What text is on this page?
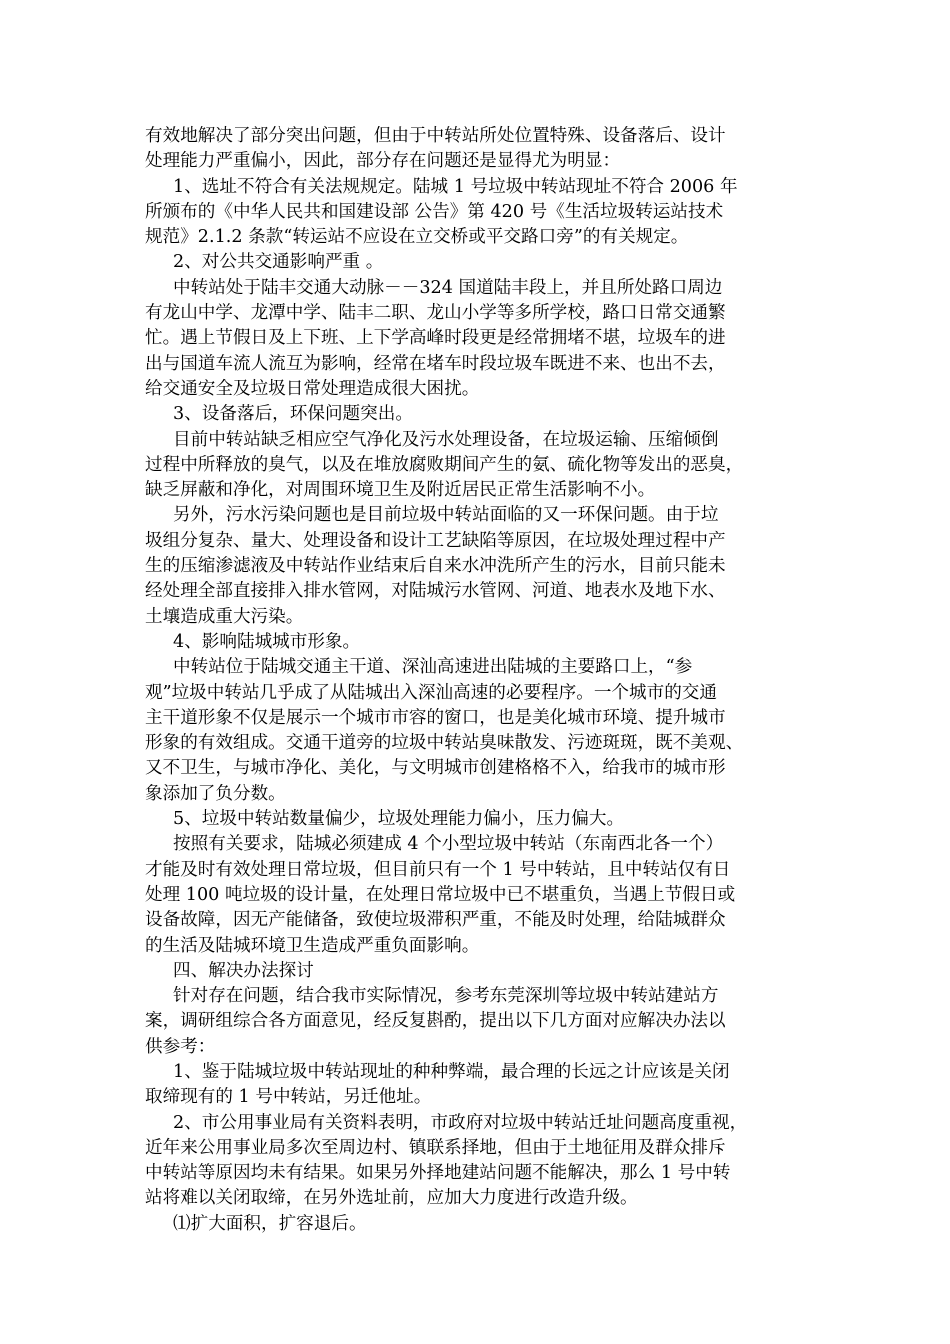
有效地解决了部分突出问题，但由于中转站所处位置特殊、设备落后、设计
处理能力严重偏小，因此，部分存在问题还是显得尤为明显：
1、选址不符合有关法规规定。陆城 1 号垃圾中转站现址不符合 2006 年
所颁布的《中华人民共和国建设部 公告》第 420 号《生活垃圾转运站技术
规范》2.1.2 条款“转运站不应设在立交桥或平交路口旁”的有关规定。
2、对公共交通影响严重 。
中转站处于陆丰交通大动脉－－324 国道陆丰段上，并且所处路口周边
有龙山中学、龙潭中学、陆丰二职、龙山小学等多所学校，路口日常交通繁
忙。遇上节假日及上下班、上下学高峰时段更是经常拥堵不堪，垃圾车的进
出与国道车流人流互为影响，经常在堵车时段垃圾车既进不来、也出不去，
给交通安全及垃圾日常处理造成很大困扰。
3、设备落后，环保问题突出。
目前中转站缺乏相应空气净化及污水处理设备，在垃圾运输、压缩倾倒
过程中所释放的臭气，以及在堆放腐败期间产生的氨、硫化物等发出的恶臭，
缺乏屏蔽和净化，对周围环境卫生及附近居民正常生活影响不小。
另外，污水污染问题也是目前垃圾中转站面临的又一环保问题。由于垃
圾组分复杂、量大、处理设备和设计工艺缺陷等原因，在垃圾处理过程中产
生的压缩渗滤液及中转站作业结束后自来水冲洗所产生的污水，目前只能未
经处理全部直接排入排水管网，对陆城污水管网、河道、地表水及地下水、
土壤造成重大污染。
4、影响陆城城市形象。
中转站位于陆城交通主干道、深汕高速进出陆城的主要路口上，“参
观”垃圾中转站几乎成了从陆城出入深汕高速的必要程序。一个城市的交通
主干道形象不仅是展示一个城市市容的窗口，也是美化城市环境、提升城市
形象的有效组成。交通干道旁的垃圾中转站臭味散发、污迹斑斑，既不美观、
又不卫生，与城市净化、美化，与文明城市创建格格不入，给我市的城市形
象添加了负分数。
5、垃圾中转站数量偏少，垃圾处理能力偏小，压力偏大。
按照有关要求，陆城必须建成 4 个小型垃圾中转站（东南西北各一个）
才能及时有效处理日常垃圾，但目前只有一个 1 号中转站，且中转站仅有日
处理 100 吨垃圾的设计量，在处理日常垃圾中已不堪重负，当遇上节假日或
设备故障，因无产能储备，致使垃圾滞积严重，不能及时处理，给陆城群众
的生活及陆城环境卫生造成严重负面影响。
四、解决办法探讨
针对存在问题，结合我市实际情况，参考东莞深圳等垃圾中转站建站方
案，调研组综合各方面意见，经反复斟酌，提出以下几方面对应解决办法以
供参考：
1、鉴于陆城垃圾中转站现址的种种弊端，最合理的长远之计应该是关闭
取缔现有的 1 号中转站，另迁他址。
2、市公用事业局有关资料表明，市政府对垃圾中转站迁址问题高度重视，
近年来公用事业局多次至周边村、镇联系择地，但由于土地征用及群众排斥
中转站等原因均未有结果。如果另外择地建站问题不能解决，那么 1 号中转
站将难以关闭取缔，在另外选址前，应加大力度进行改造升级。
⑴扩大面积，扩容退后。
